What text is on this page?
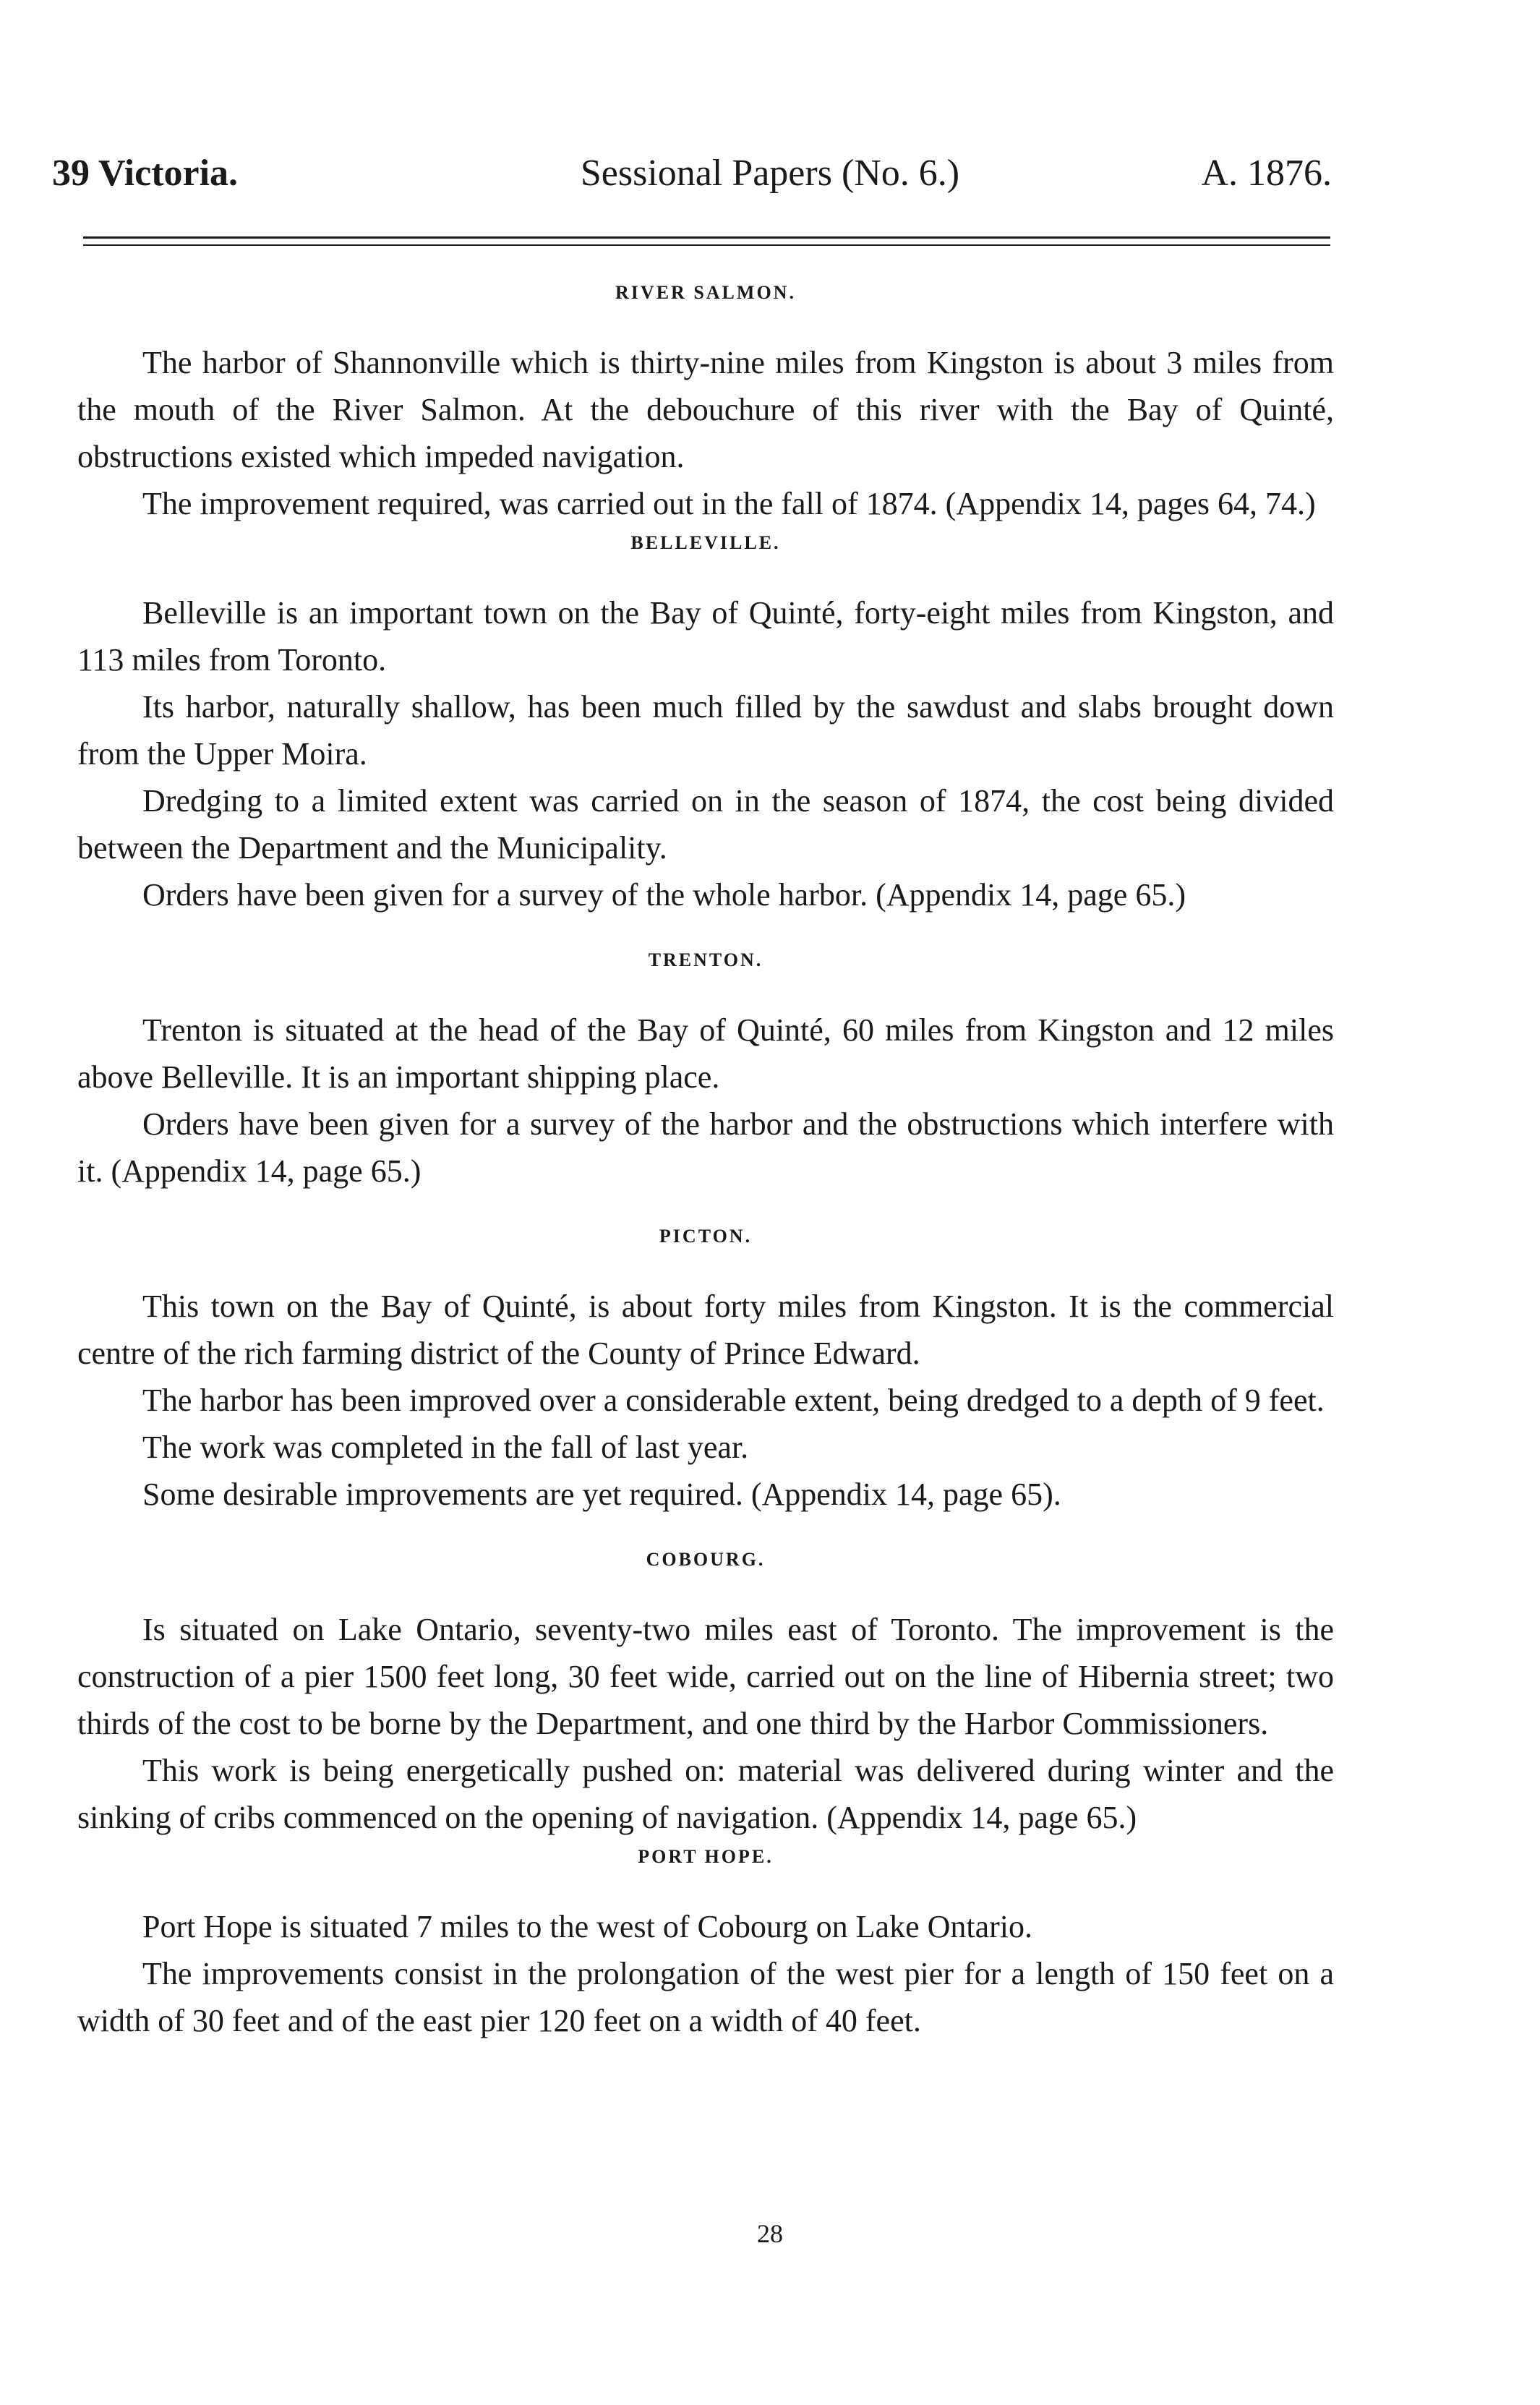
39 Victoria.	Sessional Papers (No. 6.)	A. 1876.
RIVER SALMON.

The harbor of Shannonville which is thirty-nine miles from Kingston is about 3 miles from the mouth of the River Salmon. At the debouchure of this river with the Bay of Quinté, obstructions existed which impeded navigation.

The improvement required, was carried out in the fall of 1874. (Appendix 14, pages 64, 74.)

BELLEVILLE.

Belleville is an important town on the Bay of Quinté, forty-eight miles from Kingston, and 113 miles from Toronto.

Its harbor, naturally shallow, has been much filled by the sawdust and slabs brought down from the Upper Moira.

Dredging to a limited extent was carried on in the season of 1874, the cost being divided between the Department and the Municipality.

Orders have been given for a survey of the whole harbor. (Appendix 14, page 65.)

TRENTON.

Trenton is situated at the head of the Bay of Quinté, 60 miles from Kingston and 12 miles above Belleville. It is an important shipping place.

Orders have been given for a survey of the harbor and the obstructions which interfere with it. (Appendix 14, page 65.)

PICTON.

This town on the Bay of Quinté, is about forty miles from Kingston. It is the commercial centre of the rich farming district of the County of Prince Edward.

The harbor has been improved over a considerable extent, being dredged to a depth of 9 feet.

The work was completed in the fall of last year.

Some desirable improvements are yet required. (Appendix 14, page 65).

COBOURG.

Is situated on Lake Ontario, seventy-two miles east of Toronto. The improvement is the construction of a pier 1500 feet long, 30 feet wide, carried out on the line of Hibernia street; two thirds of the cost to be borne by the Department, and one third by the Harbor Commissioners.

This work is being energetically pushed on: material was delivered during winter and the sinking of cribs commenced on the opening of navigation. (Appendix 14, page 65.)

PORT HOPE.

Port Hope is situated 7 miles to the west of Cobourg on Lake Ontario.

The improvements consist in the prolongation of the west pier for a length of 150 feet on a width of 30 feet and of the east pier 120 feet on a width of 40 feet.

28
